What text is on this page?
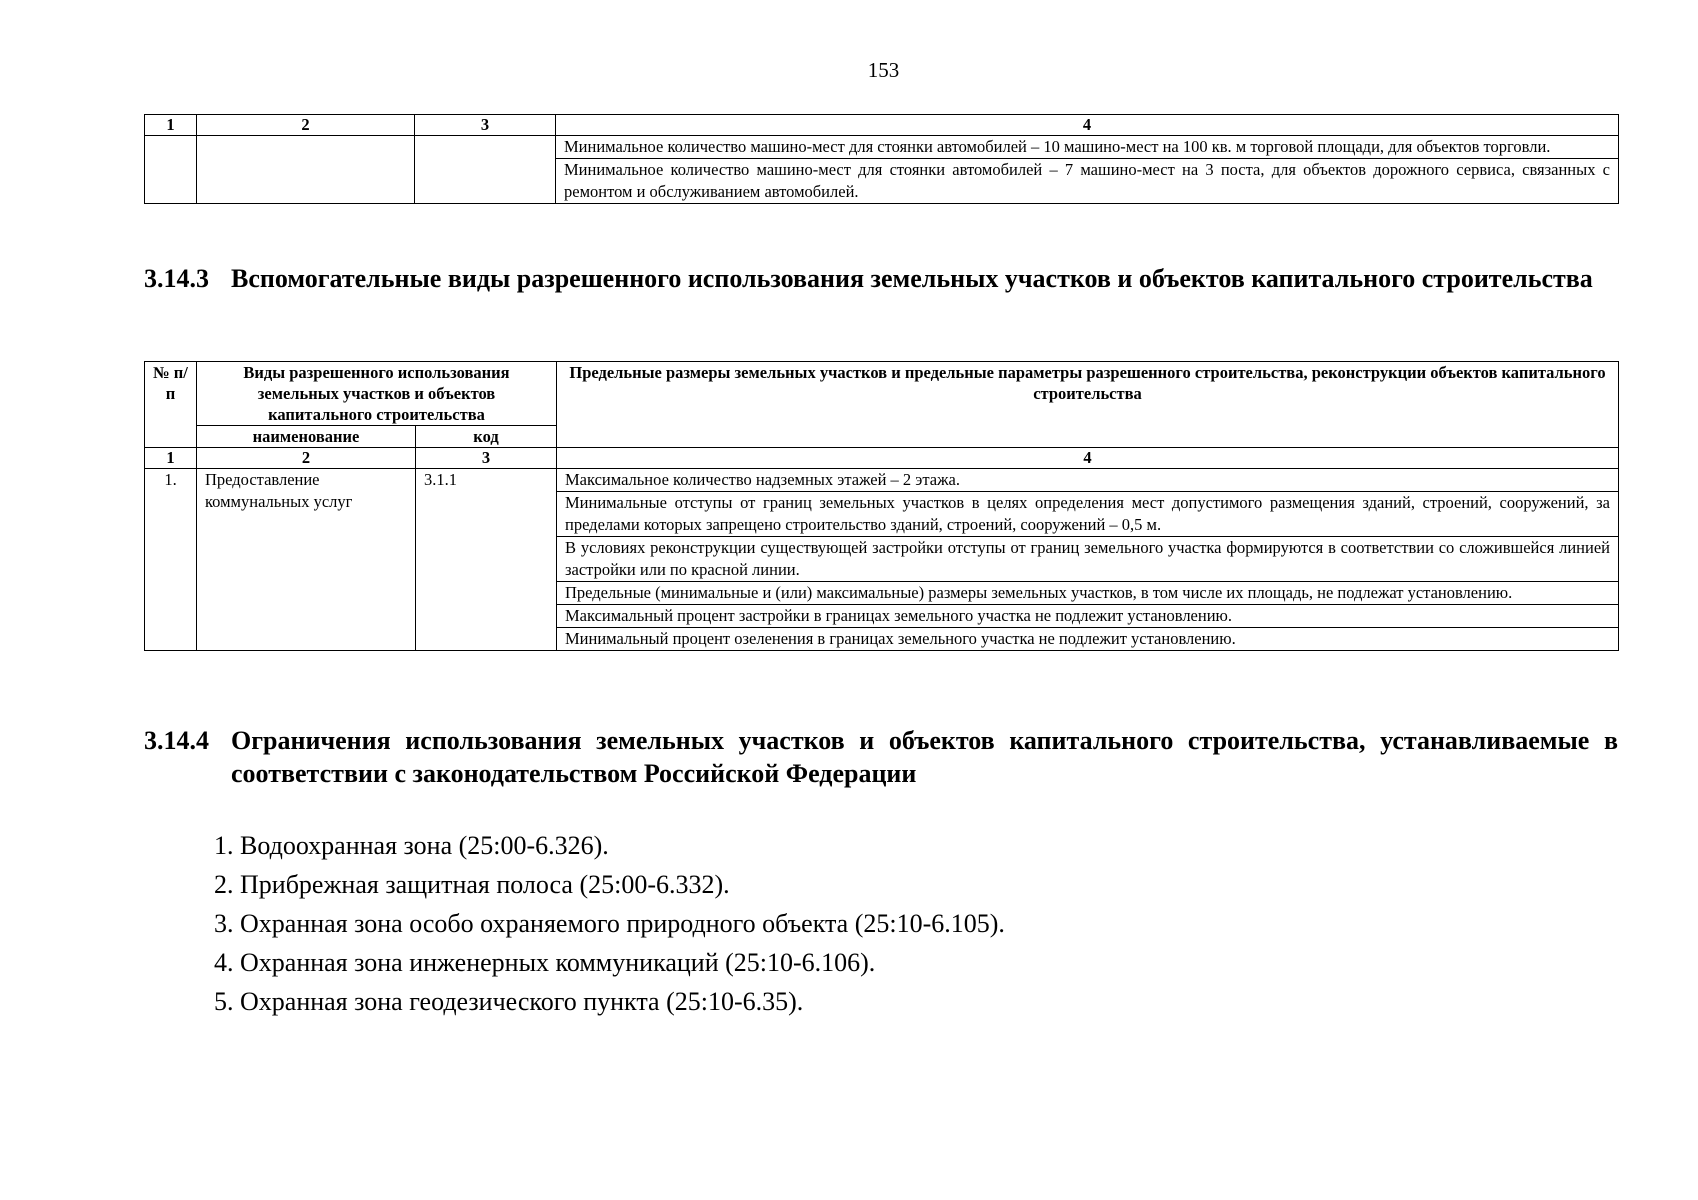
153
1	2	3	4
			Минимальное количество машино-мест для стоянки автомобилей – 10 машино-мест на 100 кв. м торговой площади, для объектов торговли.
			Минимальное количество машино-мест для стоянки автомобилей – 7 машино-мест на 3 поста, для объектов дорожного сервиса, связанных с ремонтом и обслуживанием автомобилей.
3.14.3 Вспомогательные виды разрешенного использования земельных участков и объектов капитального строительства
№ п/п	Виды разрешенного использования земельных участков и объектов капитального строительства		Предельные размеры земельных участков и предельные параметры разрешенного строительства, реконструкции объектов капитального строительства
	наименование	код	
1	2	3	4
1.	Предоставление коммунальных услуг	3.1.1	Максимальное количество надземных этажей – 2 этажа.
			Минимальные отступы от границ земельных участков в целях определения мест допустимого размещения зданий, строений, сооружений, за пределами которых запрещено строительство зданий, строений, сооружений – 0,5 м.
			В условиях реконструкции существующей застройки отступы от границ земельного участка формируются в соответствии со сложившейся линией застройки или по красной линии.
			Предельные (минимальные и (или) максимальные) размеры земельных участков, в том числе их площадь, не подлежат установлению.
			Максимальный процент застройки в границах земельного участка не подлежит установлению.
			Минимальный процент озеленения в границах земельного участка не подлежит установлению.
3.14.4 Ограничения использования земельных участков и объектов капитального строительства, устанавливаемые в соответствии с законодательством Российской Федерации
1. Водоохранная зона (25:00-6.326).
2. Прибрежная защитная полоса (25:00-6.332).
3. Охранная зона особо охраняемого природного объекта (25:10-6.105).
4. Охранная зона инженерных коммуникаций (25:10-6.106).
5. Охранная зона геодезического пункта (25:10-6.35).
